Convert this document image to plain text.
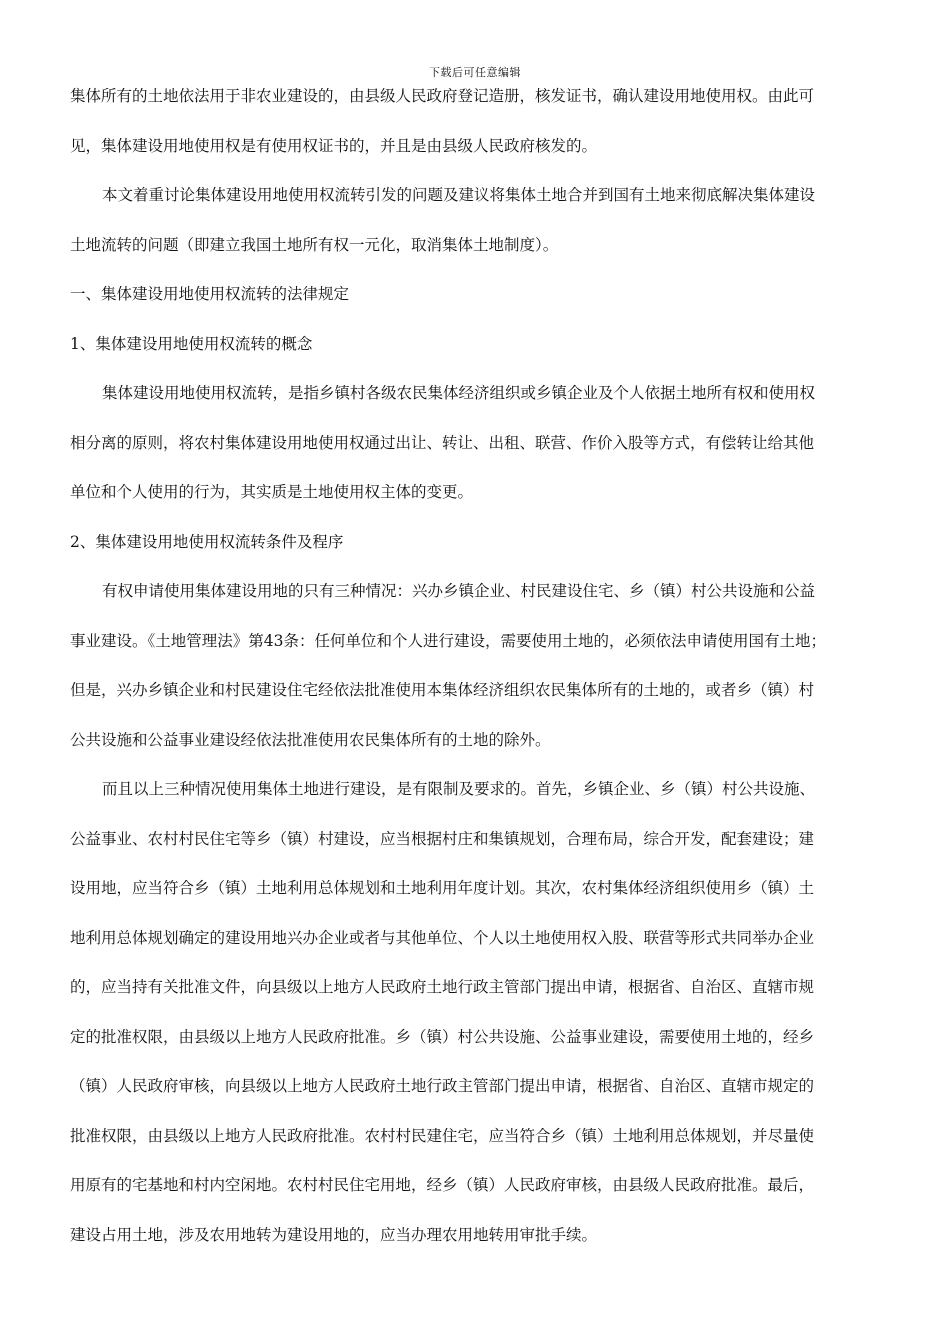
下载后可任意编辑
集体所有的土地依法用于非农业建设的，由县级人民政府登记造册，核发证书，确认建设用地使用权。由此可
见，集体建设用地使用权是有使用权证书的，并且是由县级人民政府核发的。
本文着重讨论集体建设用地使用权流转引发的问题及建议将集体土地合并到国有土地来彻底解决集体建设
土地流转的问题（即建立我国土地所有权一元化，取消集体土地制度）。
一、集体建设用地使用权流转的法律规定
1、集体建设用地使用权流转的概念
集体建设用地使用权流转，是指乡镇村各级农民集体经济组织或乡镇企业及个人依据土地所有权和使用权
相分离的原则，将农村集体建设用地使用权通过出让、转让、出租、联营、作价入股等方式，有偿转让给其他
单位和个人使用的行为，其实质是土地使用权主体的变更。
2、集体建设用地使用权流转条件及程序
有权申请使用集体建设用地的只有三种情况：兴办乡镇企业、村民建设住宅、乡（镇）村公共设施和公益
事业建设。《土地管理法》第43条：任何单位和个人进行建设，需要使用土地的，必须依法申请使用国有土地；
但是，兴办乡镇企业和村民建设住宅经依法批准使用本集体经济组织农民集体所有的土地的，或者乡（镇）村
公共设施和公益事业建设经依法批准使用农民集体所有的土地的除外。
而且以上三种情况使用集体土地进行建设，是有限制及要求的。首先，乡镇企业、乡（镇）村公共设施、
公益事业、农村村民住宅等乡（镇）村建设，应当根据村庄和集镇规划，合理布局，综合开发，配套建设；建
设用地，应当符合乡（镇）土地利用总体规划和土地利用年度计划。其次，农村集体经济组织使用乡（镇）土
地利用总体规划确定的建设用地兴办企业或者与其他单位、个人以土地使用权入股、联营等形式共同举办企业
的，应当持有关批准文件，向县级以上地方人民政府土地行政主管部门提出申请，根据省、自治区、直辖市规
定的批准权限，由县级以上地方人民政府批准。乡（镇）村公共设施、公益事业建设，需要使用土地的，经乡
（镇）人民政府审核，向县级以上地方人民政府土地行政主管部门提出申请，根据省、自治区、直辖市规定的
批准权限，由县级以上地方人民政府批准。农村村民建住宅，应当符合乡（镇）土地利用总体规划，并尽量使
用原有的宅基地和村内空闲地。农村村民住宅用地，经乡（镇）人民政府审核，由县级人民政府批准。最后，
建设占用土地，涉及农用地转为建设用地的，应当办理农用地转用审批手续。
